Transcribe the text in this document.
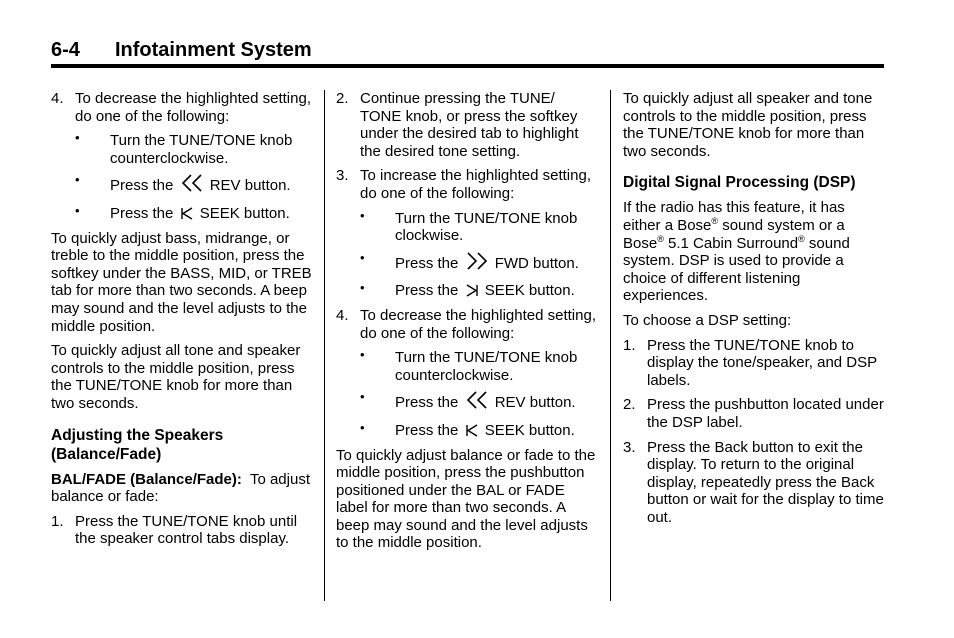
6-4 Infotainment System
4. To decrease the highlighted setting, do one of the following:
• Turn the TUNE/TONE knob counterclockwise.
• Press the REV button.
• Press the SEEK button.

To quickly adjust bass, midrange, or treble to the middle position, press the softkey under the BASS, MID, or TREB tab for more than two seconds. A beep may sound and the level adjusts to the middle position.

To quickly adjust all tone and speaker controls to the middle position, press the TUNE/TONE knob for more than two seconds.

Adjusting the Speakers (Balance/Fade)

BAL/FADE (Balance/Fade): To adjust balance or fade:

1. Press the TUNE/TONE knob until the speaker control tabs display.
2. Continue pressing the TUNE/ TONE knob, or press the softkey under the desired tab to highlight the desired tone setting.
3. To increase the highlighted setting, do one of the following:
• Turn the TUNE/TONE knob clockwise.
• Press the FWD button.
• Press the SEEK button.
4. To decrease the highlighted setting, do one of the following:
• Turn the TUNE/TONE knob counterclockwise.
• Press the REV button.
• Press the SEEK button.

To quickly adjust balance or fade to the middle position, press the pushbutton positioned under the BAL or FADE label for more than two seconds. A beep may sound and the level adjusts to the middle position.

To quickly adjust all speaker and tone controls to the middle position, press the TUNE/TONE knob for more than two seconds.

Digital Signal Processing (DSP)

If the radio has this feature, it has either a Bose® sound system or a Bose® 5.1 Cabin Surround® sound system. DSP is used to provide a choice of different listening experiences.

To choose a DSP setting:

1. Press the TUNE/TONE knob to display the tone/speaker, and DSP labels.
2. Press the pushbutton located under the DSP label.
3. Press the Back button to exit the display. To return to the original display, repeatedly press the Back button or wait for the display to time out.
